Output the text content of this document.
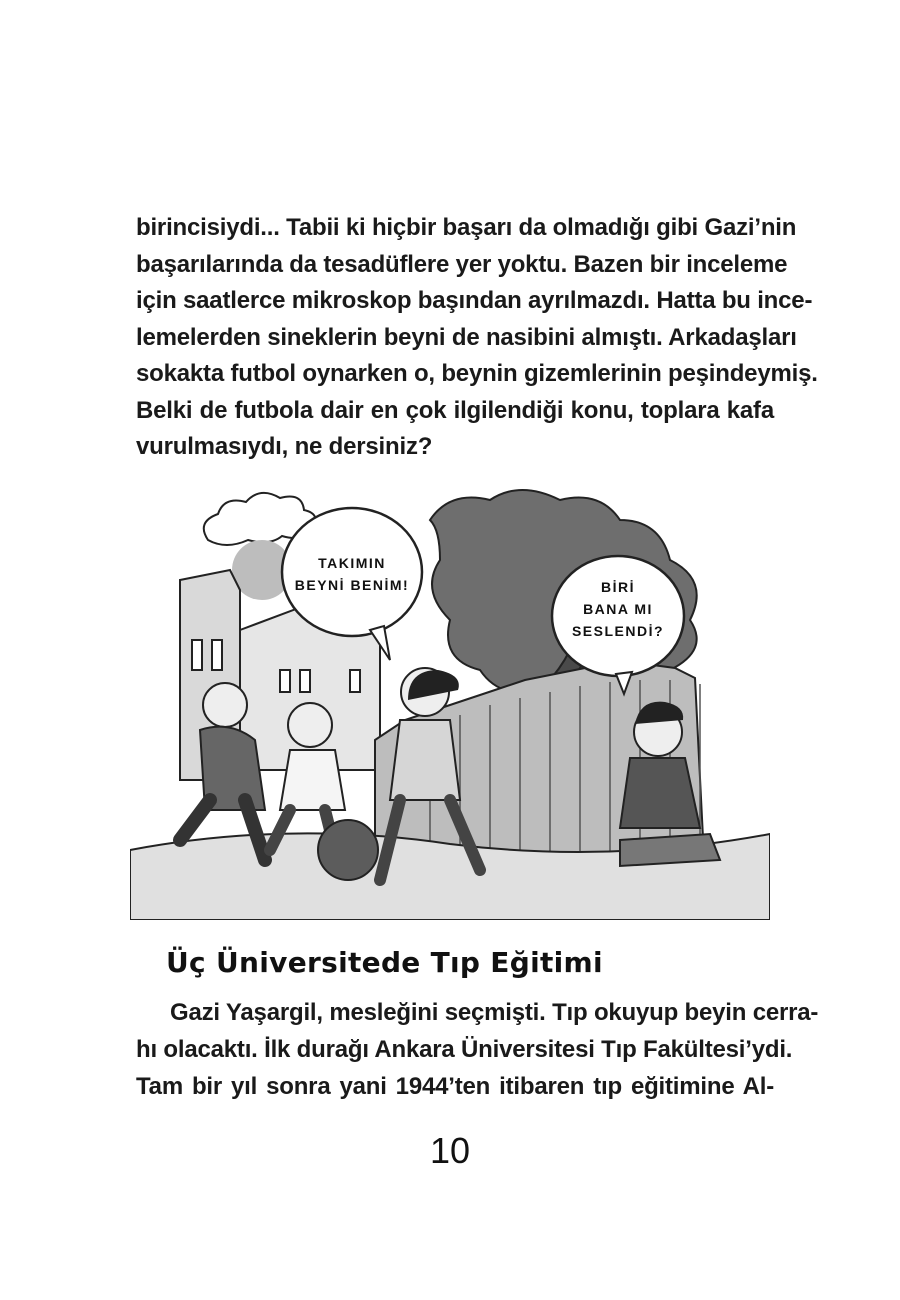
birincisiydi... Tabii ki hiçbir başarı da olmadığı gibi Gazi’nin
başarılarında da tesadüflere yer yoktu. Bazen bir inceleme
için saatlerce mikroskop başından ayrılmazdı. Hatta bu ince-
lemelerden sineklerin beyni de nasibini almıştı. Arkadaşları
sokakta futbol oynarken o, beynin gizemlerinin peşindeymiş.
Belki de futbola dair en çok ilgilendiği konu, toplara kafa
vurulmasıydı, ne dersiniz?
TAKIMIN
BEYNİ BENİM!	BİRİ
BANA MI
SESLENDİ?
Üç Üniversitede Tıp Eğitimi
Gazi Yaşargil, mesleğini seçmişti. Tıp okuyup beyin cerra-
hı olacaktı. İlk durağı Ankara Üniversitesi Tıp Fakültesi’ydi.
Tam bir yıl sonra yani 1944’ten itibaren tıp eğitimine Al-
10
